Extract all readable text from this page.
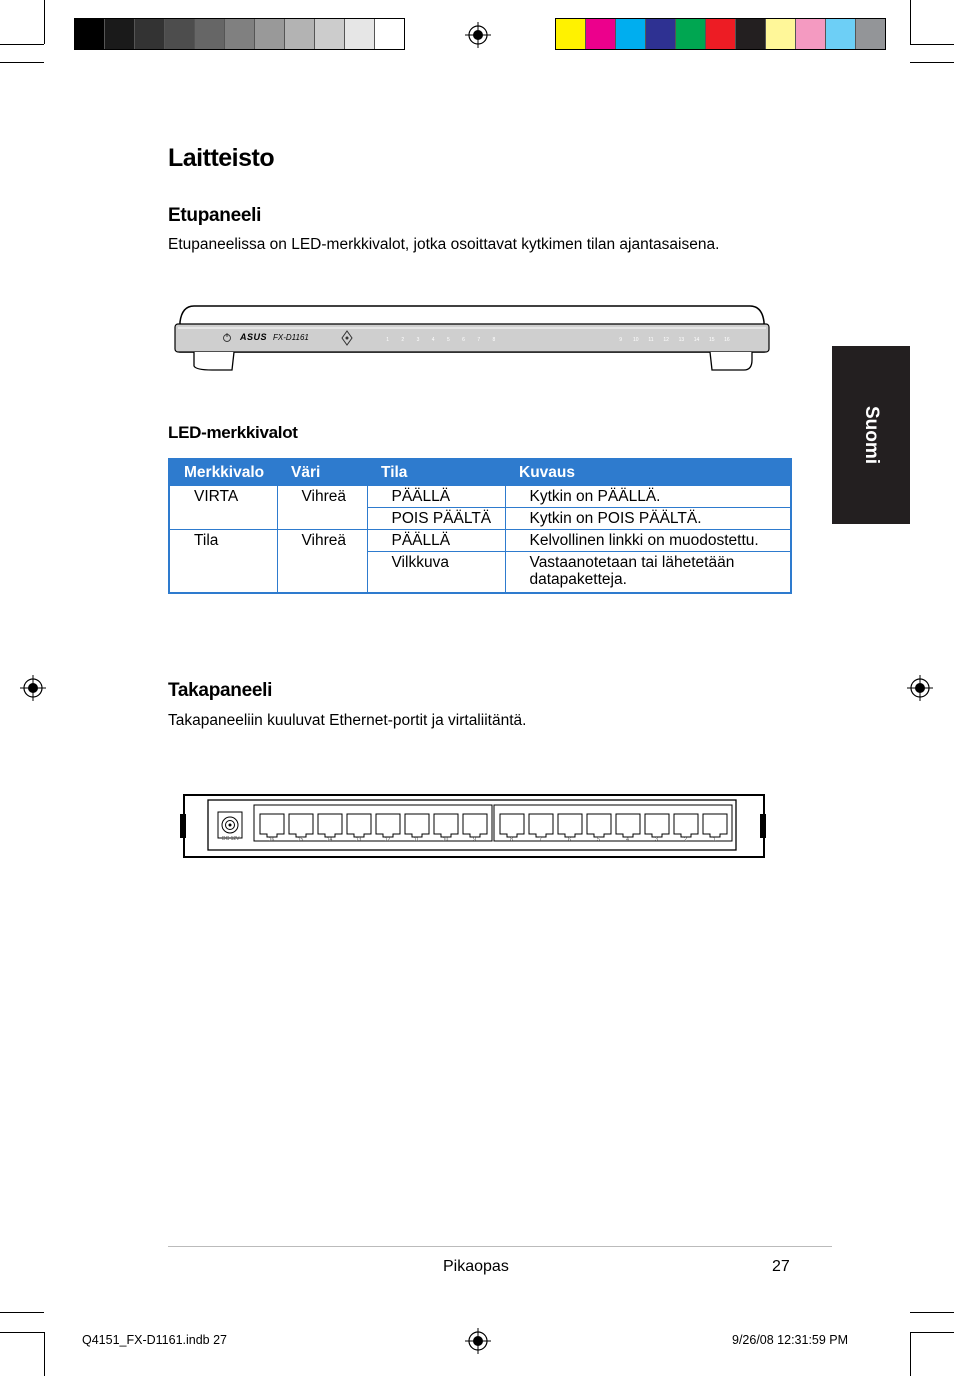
Laitteisto
Etupaneeli

Etupaneelissa on LED-merkkivalot, jotka osoittavat kytkimen tilan ajantasaisena.

ASUS FX-D1161	1	2	3	4	5	6	7	8	9	10	11	12	13	14	15	16
LED-merkkivalot
Merkkivalo	Väri	Tila	Kuvaus
VIRTA	Vihreä	PÄÄLLÄ	Kytkin on PÄÄLLÄ.
		POIS PÄÄLTÄ	Kytkin on POIS PÄÄLTÄ.
Tila	Vihreä	PÄÄLLÄ	Kelvollinen linkki on muodostettu.
		Vilkkuva	Vastaanotetaan tai lähetetään datapaketteja.
Suomi
Takapaneeli

Takapaneeliin kuuluvat Ethernet-portit ja virtaliitäntä.

DC 12V	16	15	14	13	12	11	10	9	8	7	6	5	4	3	2	1
Pikaopas	27
Q4151_FX-D1161.indb 27	9/26/08 12:31:59 PM
